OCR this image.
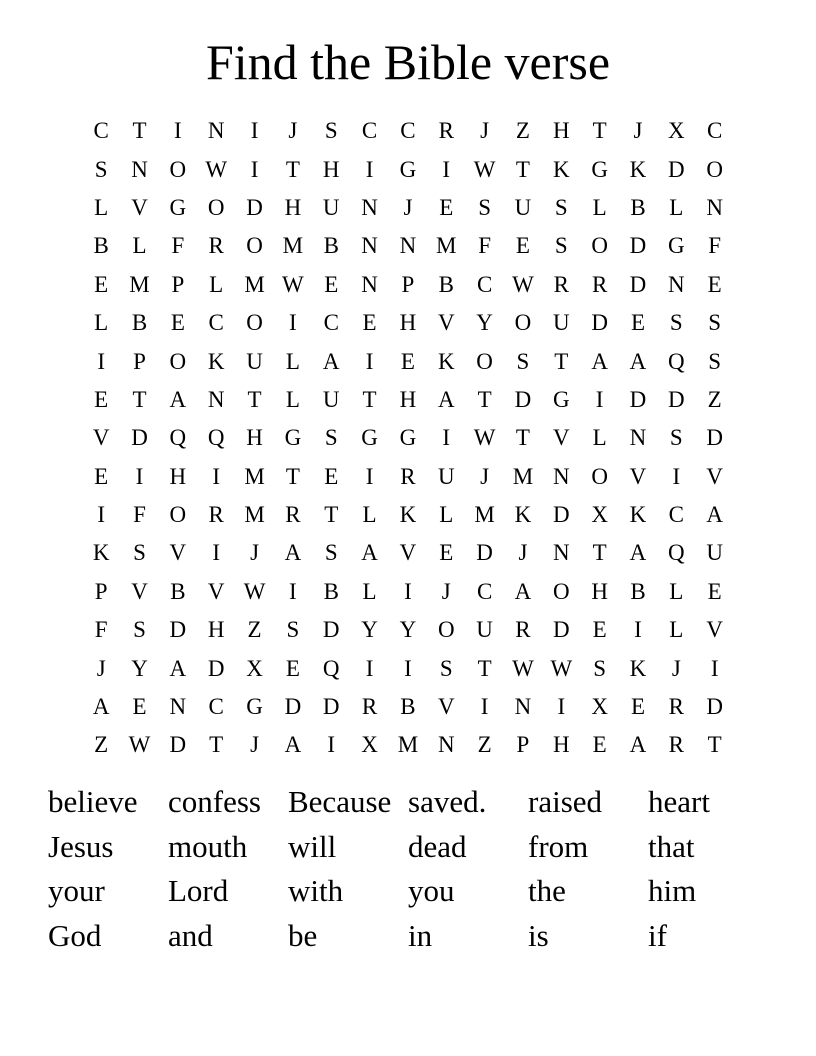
Find the Bible verse
C	T	I	N	I	J	S	C	C	R	J	Z	H	T	J	X C
S	N O W	I	T	H	I	G	I	W T	K G K D O
L	V G O D H U N	J	E	S	U	S	L	B	L	N
B	L	F	R O M B N N M F	E	S	O D G	F
E M P	L M W E	N	P	B	C W R	R D N	E
L	B	E	C O	I	C	E	H V Y O U D	E	S	S
I	P	O K U	L	A	I	E	K O	S	T	A A Q	S
E	T	A N	T	L	U	T	H A	T	D G	I	D D	Z
V D Q Q H G	S	G G	I	W T	V	L	N	S	D
E	I	H	I	M T	E	I	R U	J	M N O V	I	V
I	F	O R M R	T	L	K	L M K D X K C A
K	S	V	I	J	A	S	A V	E	D	J	N	T	A Q U
P	V B V W	I	B	L	I	J	C A O H B	L	E
F	S	D H	Z	S	D Y Y O U R D	E	I	L	V
J	Y A D X	E	Q	I	I	S	T W W S	K	J	I
A	E	N C G D D R	B V	I	N	I	X	E	R D
Z W D	T	J	A	I	X M N	Z	P	H	E	A R	T
believe confess Because saved.	raised	heart
Jesus	mouth	will	dead	from	that
your	Lord	with	you	the	him
God	and	be	in	is	if
